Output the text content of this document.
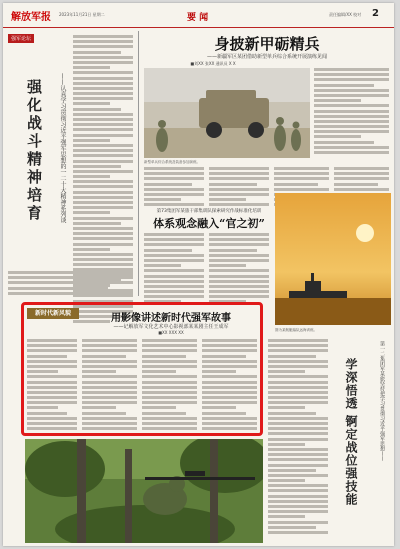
解放军报 2023年11月21日 星期二	要 闻	责任编辑/XX 校对 2
强军论坛
强化战斗精神培育	——认真学习贯彻习近平强军思想的一二十大精神系列谈
身披新甲砺精兵
——新疆军区某团借助新型单兵综合系统开展演练见闻
■刘XX 张XX 通讯员 X X
新型单兵综合系统及装备参加演练。
第73集团军某旅干部集训队探索研究作战标准化培训
体系观念融入“官之初”
图为某舰艇编队远海训练。
新时代新风貌	用影像讲述新时代强军故事
——记解放军文化艺术中心影视部某某剧主任王成军
■XX XXX XX
第一二集团军某旅坚持把学习贯彻习近平强军思想——
学深悟透 锕定战位强技能
